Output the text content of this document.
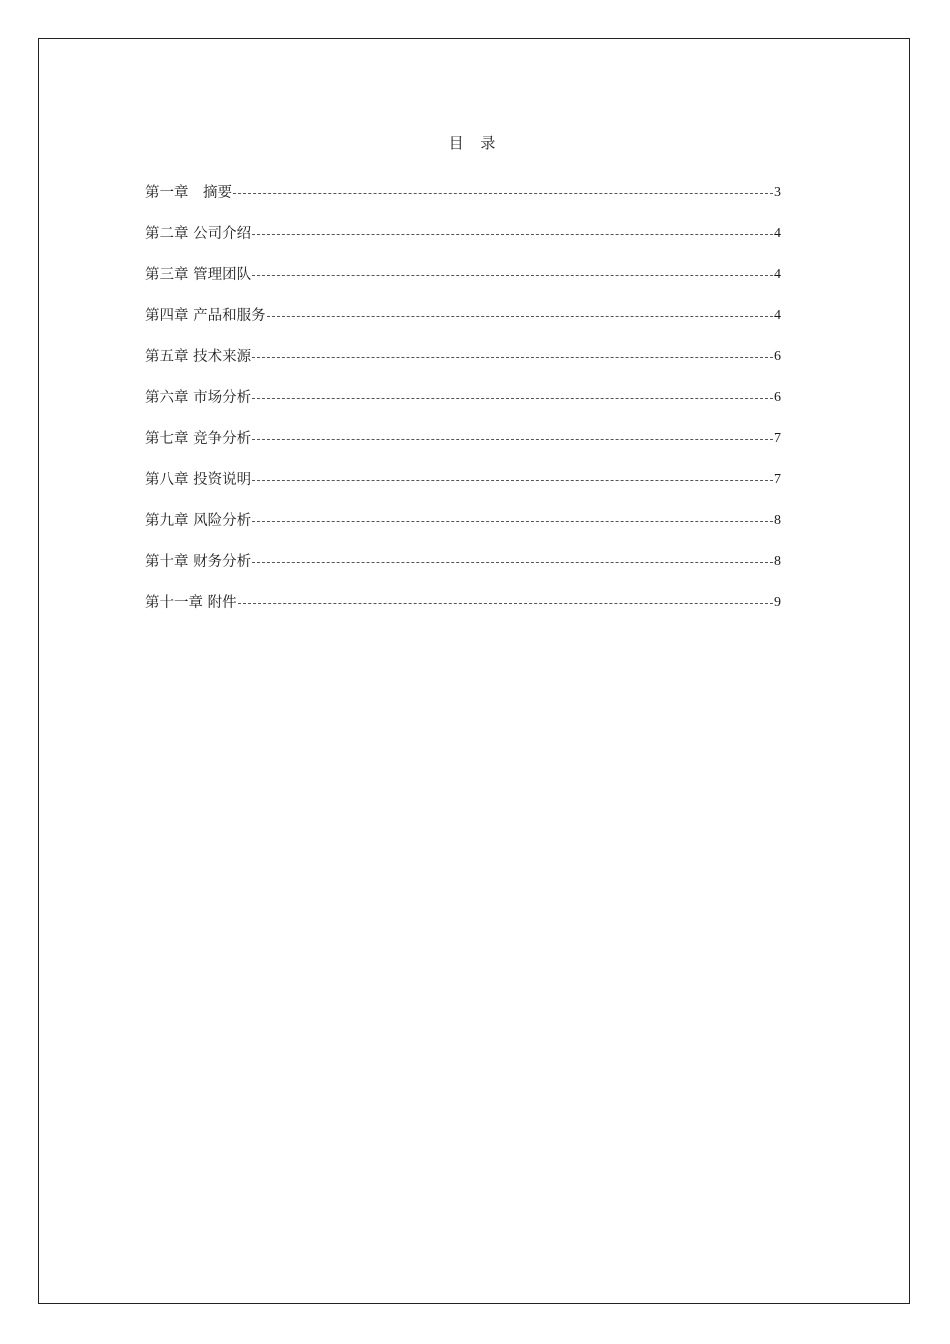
目 录
第一章　摘要	3
第二章 公司介绍	4
第三章 管理团队	4
第四章 产品和服务	4
第五章 技术来源	6
第六章 市场分析	6
第七章 竞争分析	7
第八章 投资说明	7
第九章 风险分析	8
第十章 财务分析	8
第十一章 附件	9
